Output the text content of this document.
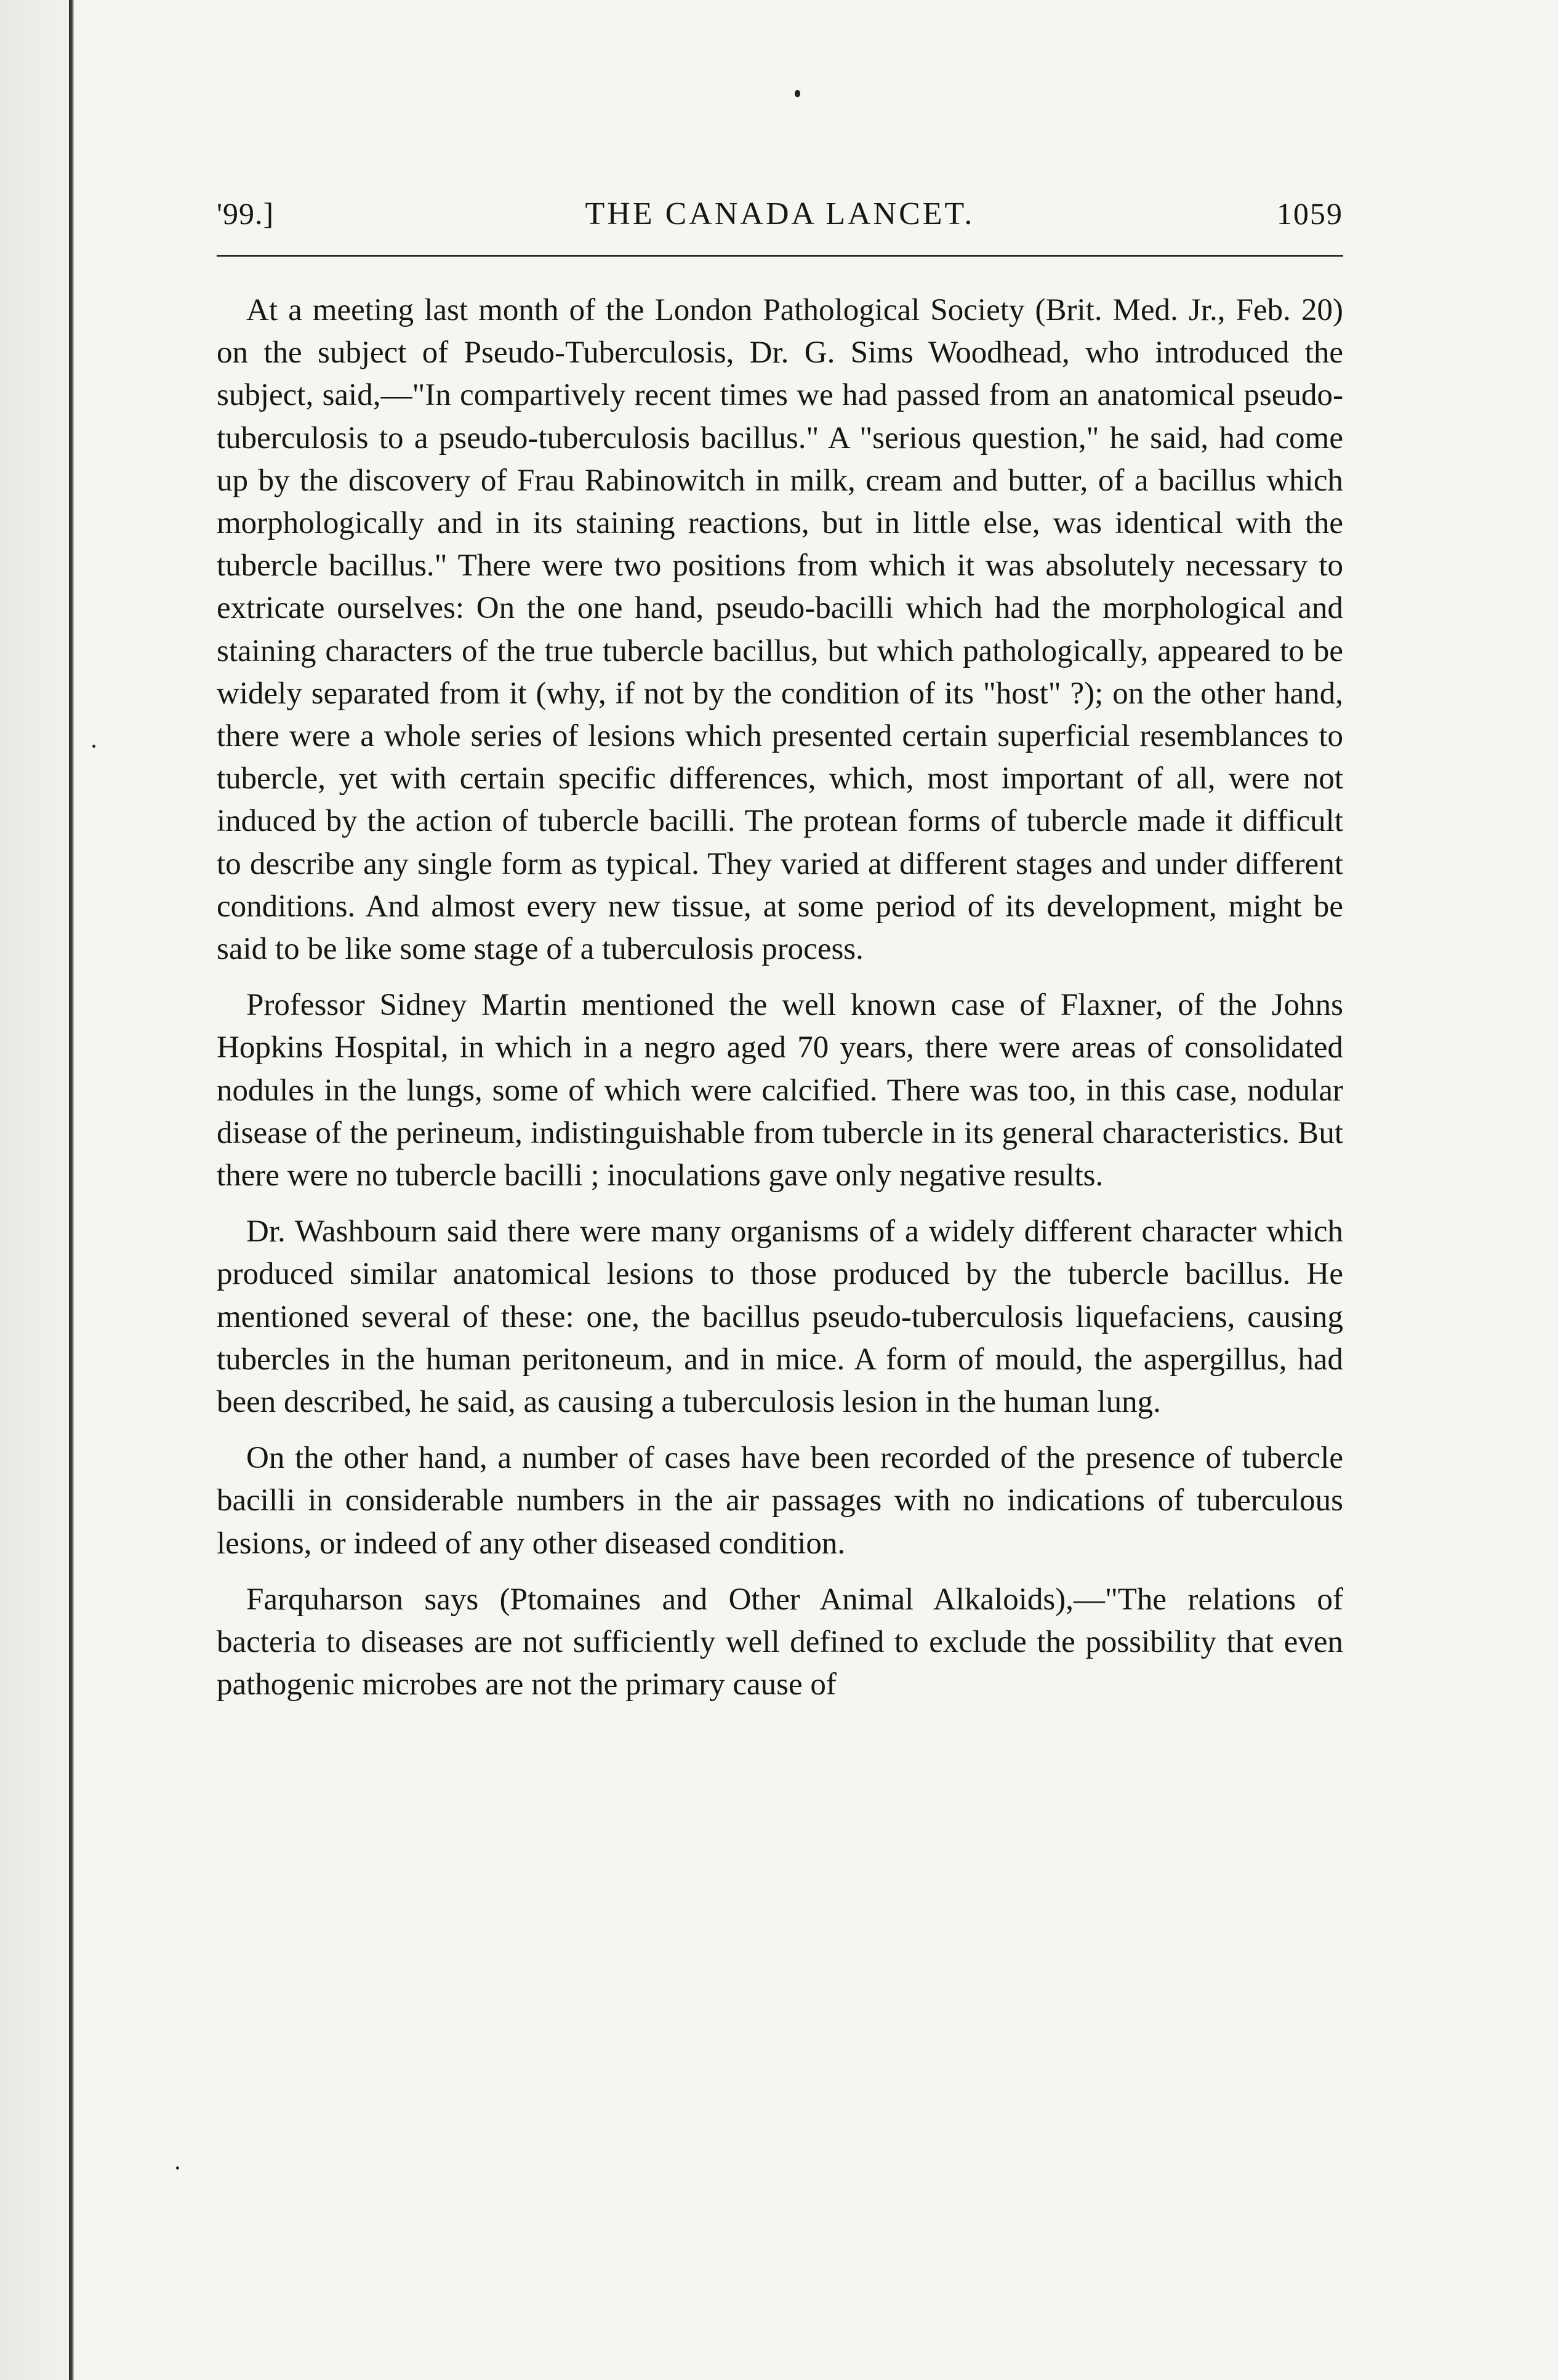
'99.]	THE CANADA LANCET.	1059

At a meeting last month of the London Pathological Society (Brit. Med. Jr., Feb. 20) on the subject of Pseudo-Tuberculosis, Dr. G. Sims Woodhead, who introduced the subject, said,—"In compartively recent times we had passed from an anatomical pseudo-tuberculosis to a pseudo-tuberculosis bacillus." A "serious question," he said, had come up by the discovery of Frau Rabinowitch in milk, cream and butter, of a bacillus which morphologically and in its staining reactions, but in little else, was identical with the tubercle bacillus." There were two positions from which it was absolutely necessary to extricate ourselves: On the one hand, pseudo-bacilli which had the morphological and staining characters of the true tubercle bacillus, but which pathologically, appeared to be widely separated from it (why, if not by the condition of its "host" ?); on the other hand, there were a whole series of lesions which presented certain superficial resemblances to tubercle, yet with certain specific differences, which, most important of all, were not induced by the action of tubercle bacilli. The protean forms of tubercle made it difficult to describe any single form as typical. They varied at different stages and under different conditions. And almost every new tissue, at some period of its development, might be said to be like some stage of a tuberculosis process.

Professor Sidney Martin mentioned the well known case of Flaxner, of the Johns Hopkins Hospital, in which in a negro aged 70 years, there were areas of consolidated nodules in the lungs, some of which were calcified. There was too, in this case, nodular disease of the perineum, indistinguishable from tubercle in its general characteristics. But there were no tubercle bacilli ; inoculations gave only negative results.

Dr. Washbourn said there were many organisms of a widely different character which produced similar anatomical lesions to those produced by the tubercle bacillus. He mentioned several of these: one, the bacillus pseudo-tuberculosis liquefaciens, causing tubercles in the human peritoneum, and in mice. A form of mould, the aspergillus, had been described, he said, as causing a tuberculosis lesion in the human lung.

On the other hand, a number of cases have been recorded of the presence of tubercle bacilli in considerable numbers in the air passages with no indications of tuberculous lesions, or indeed of any other diseased condition.

Farquharson says (Ptomaines and Other Animal Alkaloids),—"The relations of bacteria to diseases are not sufficiently well defined to exclude the possibility that even pathogenic microbes are not the primary cause of
